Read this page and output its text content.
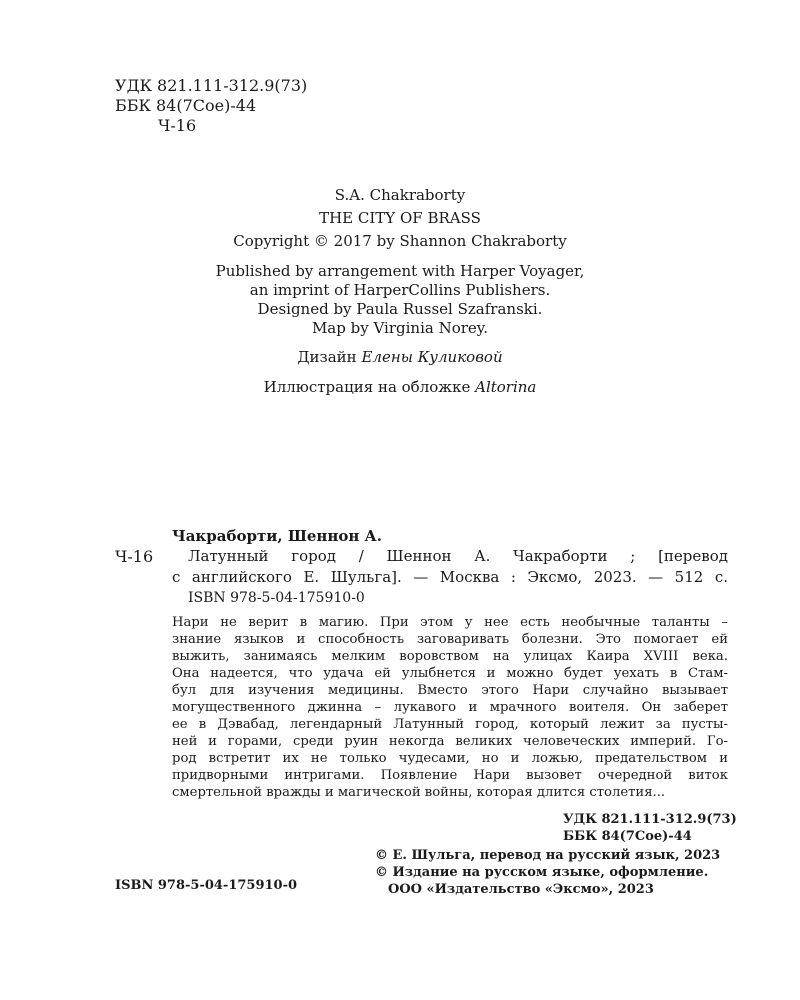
УДК 821.111-312.9(73)
ББК 84(7Сое)-44
Ч-16
S.A. Chakraborty
THE CITY OF BRASS
Copyright © 2017 by Shannon Chakraborty
Published by arrangement with Harper Voyager,
an imprint of HarperCollins Publishers.
Designed by Paula Russel Szafranski.
Map by Virginia Norey.
Дизайн Елены Куликовой
Иллюстрация на обложке Altorina
Чакраборти, Шеннон А.
Ч-16 Латунный город / Шеннон А. Чакраборти ; [перевод
с английского Е. Шульга]. — Москва : Эксмо, 2023. — 512 с.
ISBN 978-5-04-175910-0
Нари не верит в магию. При этом у нее есть необычные таланты –
знание языков и способность заговаривать болезни. Это помогает ей
выжить, занимаясь мелким воровством на улицах Каира XVIII века.
Она надеется, что удача ей улыбнется и можно будет уехать в Стам-
бул для изучения медицины. Вместо этого Нари случайно вызывает
могущественного джинна – лукавого и мрачного воителя. Он заберет
ее в Дэвабад, легендарный Латунный город, который лежит за пусты-
ней и горами, среди руин некогда великих человеческих империй. Го-
род встретит их не только чудесами, но и ложью, предательством и
придворными интригами. Появление Нари вызовет очередной виток
смертельной вражды и магической войны, которая длится столетия...
УДК 821.111-312.9(73)
ББК 84(7Сое)-44
© Е. Шульга, перевод на русский язык, 2023
© Издание на русском языке, оформление.
ООО «Издательство «Эксмо», 2023
ISBN 978-5-04-175910-0
